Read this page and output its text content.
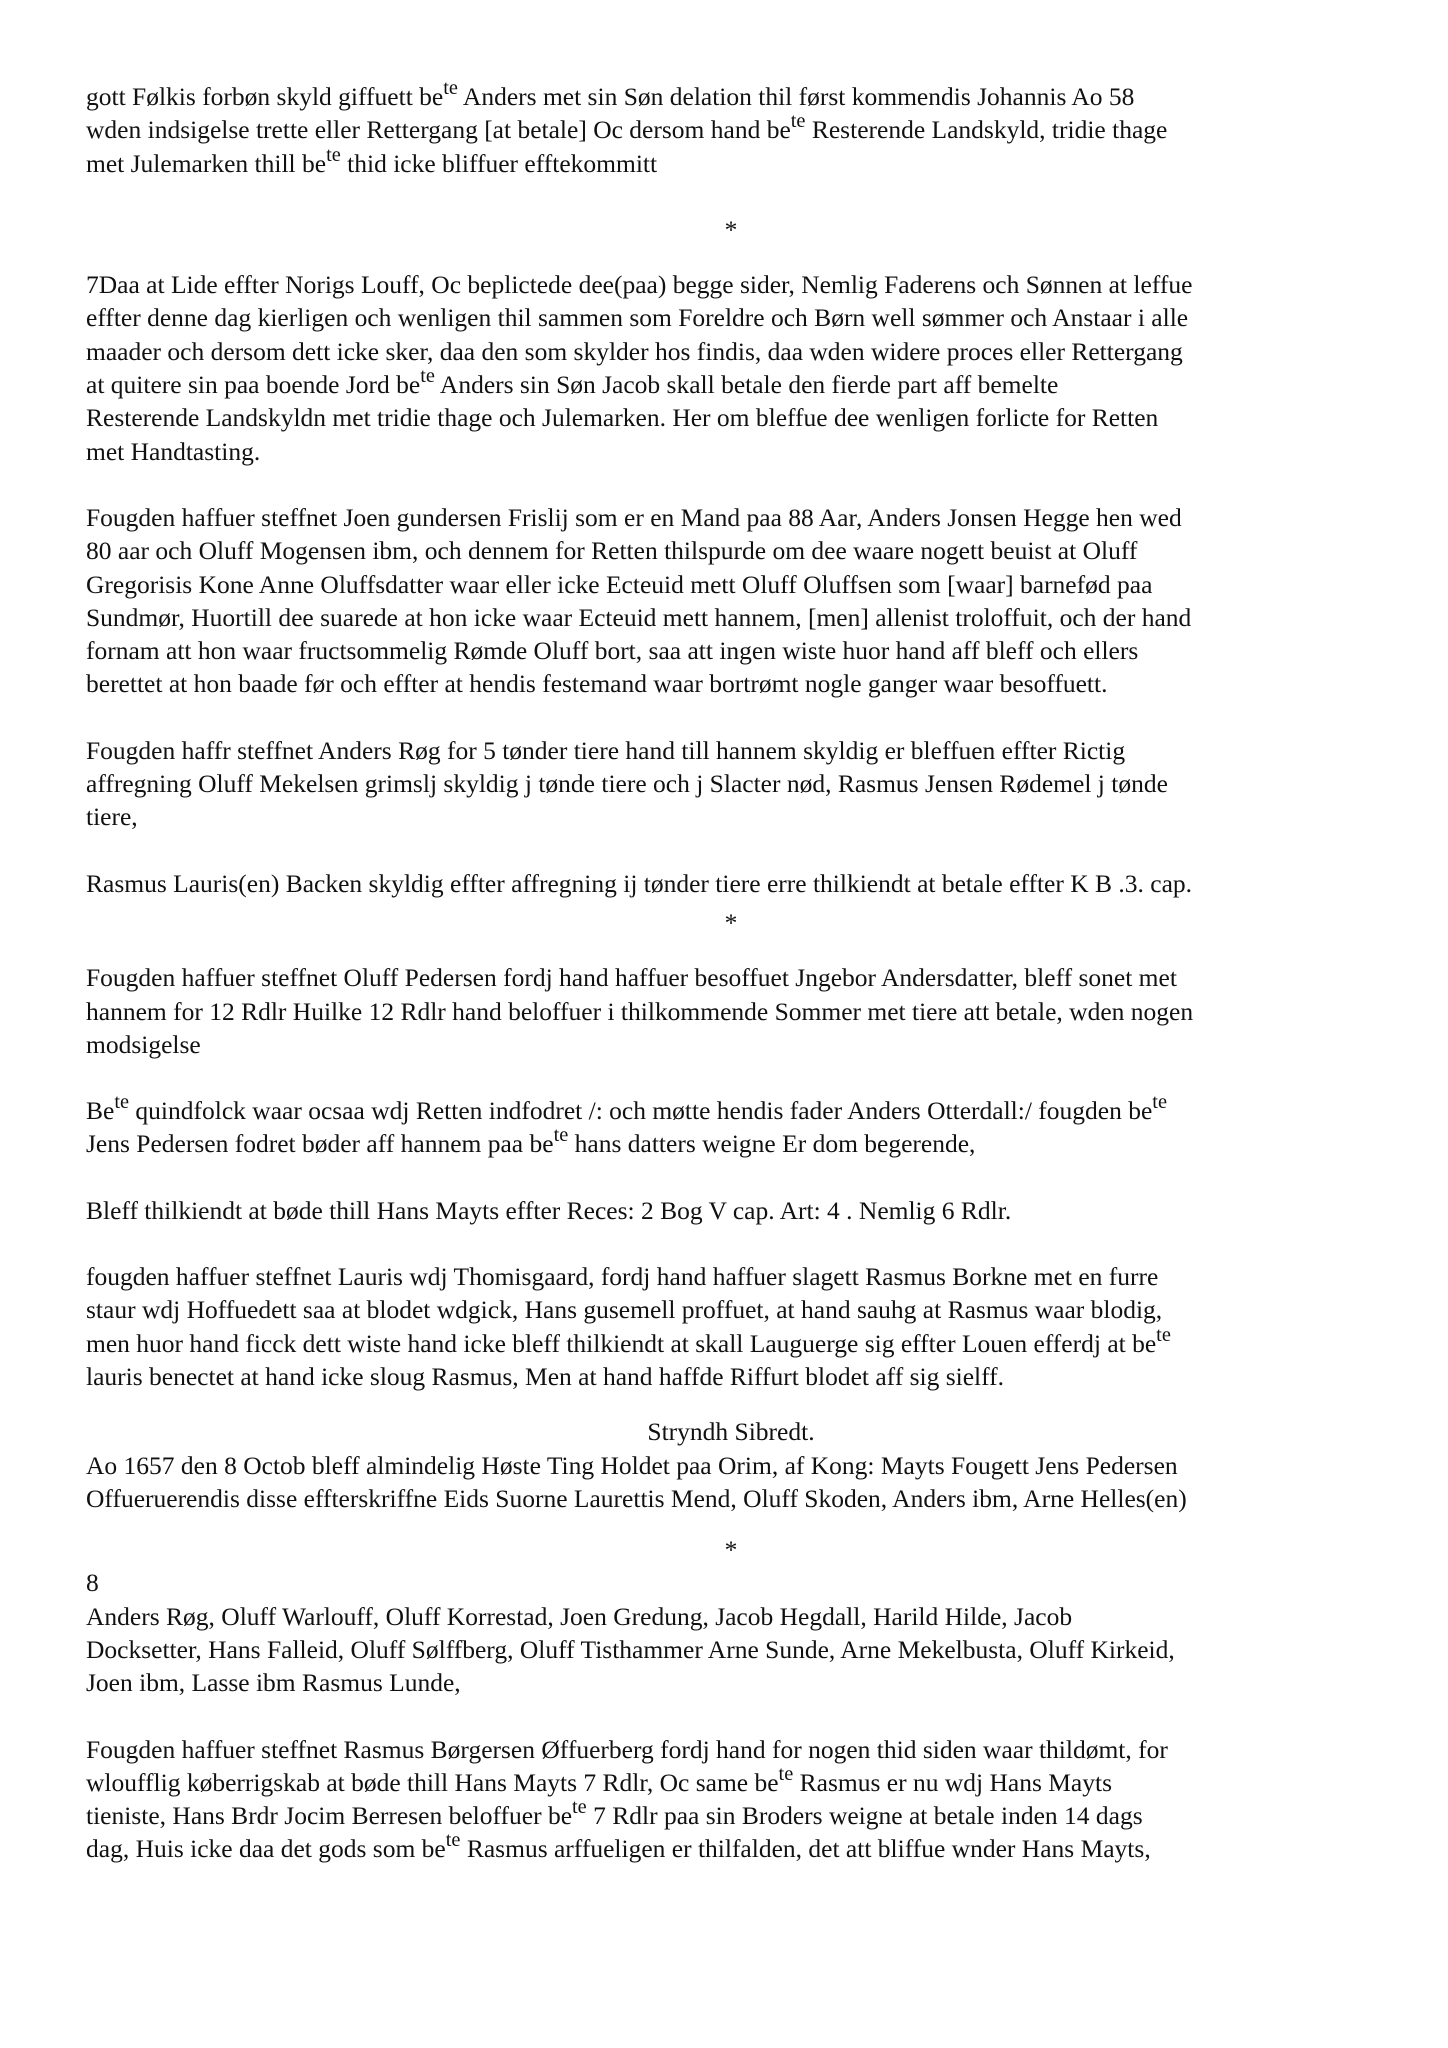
gott Følkis forbøn skyld giffuett $be^{te}$ Anders met sin Søn delation thil først kommendis Johannis Ao 58
wden indsigelse trette eller Rettergang [at betale] Oc dersom hand $be^{te}$ Resterende Landskyld, tridie thage
met Julemarken thill $be^{te}$ thid icke bliffuer efftekommitt
*
7Daa at Lide effter Norigs Louff, Oc beplictede dee(paa) begge sider, Nemlig Faderens och Sønnen at leffue
effter denne dag kierligen och wenligen thil sammen som Foreldre och Børn well sømmer och Anstaar i alle
maader och dersom dett icke sker, daa den som skylder hos findis, daa wden widere proces eller Rettergang
at quitere sin paa boende Jord $be^{te}$ Anders sin Søn Jacob skall betale den fierde part aff bemelte
Resterende Landskyldn met tridie thage och Julemarken. Her om bleffue dee wenligen forlicte for Retten
met Handtasting.
Fougden haffuer steffnet Joen gundersen Frislij som er en Mand paa 88 Aar, Anders Jonsen Hegge hen wed
80 aar och Oluff Mogensen ibm, och dennem for Retten thilspurde om dee waare nogett beuist at Oluff
Gregorisis Kone Anne Oluffsdatter waar eller icke Ecteuid mett Oluff Oluffsen som [waar] barnefød paa
Sundmør, Huortill dee suarede at hon icke waar Ecteuid mett hannem, [men] allenist troloffuit, och der hand
fornam att hon waar fructsommelig Rømde Oluff bort, saa att ingen wiste huor hand aff bleff och ellers
berettet at hon baade før och effter at hendis festemand waar bortrømt nogle ganger waar besoffuett.
Fougden haffr steffnet Anders Røg for 5 tønder tiere hand till hannem skyldig er bleffuen effter Rictig
affregning Oluff Mekelsen grimslj skyldig j tønde tiere och j Slacter nød, Rasmus Jensen Rødemel j tønde
tiere,
Rasmus Lauris(en) Backen skyldig effter affregning ij tønder tiere erre thilkiendt at betale effter K B .3. cap.
*
Fougden haffuer steffnet Oluff Pedersen fordj hand haffuer besoffuet Jngebor Andersdatter, bleff sonet met
hannem for 12 Rdlr Huilke 12 Rdlr hand beloffuer i thilkommende Sommer met tiere att betale, wden nogen
modsigelse
$Be^{te}$ quindfolck waar ocsaa wdj Retten indfodret /: och møtte hendis fader Anders Otterdall:/ fougden $be^{te}$
Jens Pedersen fodret bøder aff hannem paa $be^{te}$ hans datters weigne Er dom begerende,
Bleff thilkiendt at bøde thill Hans Mayts effter Reces: 2 Bog V cap. Art: 4 . Nemlig 6 Rdlr.
fougden haffuer steffnet Lauris wdj Thomisgaard, fordj hand haffuer slagett Rasmus Borkne met en furre
staur wdj Hoffuedett saa at blodet wdgick, Hans gusemell proffuet, at hand sauhg at Rasmus waar blodig,
men huor hand ficck dett wiste hand icke bleff thilkiendt at skall Lauguerge sig effter Louen efferdj at $be^{te}$
lauris benectet at hand icke sloug Rasmus, Men at hand haffde Riffurt blodet aff sig sielff.
Stryndh Sibredt.
Ao 1657 den 8 Octob bleff almindelig Høste Ting Holdet paa Orim, af Kong: Mayts Fougett Jens Pedersen
Offueruerendis disse effterskriffne Eids Suorne Laurettis Mend, Oluff Skoden, Anders ibm, Arne Helles(en)
*
8
Anders Røg, Oluff Warlouff, Oluff Korrestad, Joen Gredung, Jacob Hegdall, Harild Hilde, Jacob
Docksetter, Hans Falleid, Oluff Sølffberg, Oluff Tisthammer Arne Sunde, Arne Mekelbusta, Oluff Kirkeid,
Joen ibm, Lasse ibm Rasmus Lunde,
Fougden haffuer steffnet Rasmus Børgersen Øffuerberg fordj hand for nogen thid siden waar thildømt, for
wloufflig køberrigskab at bøde thill Hans Mayts 7 Rdlr, Oc same $be^{te}$ Rasmus er nu wdj Hans Mayts
tieniste, Hans Brdr Jocim Berresen beloffuer $be^{te}$ 7 Rdlr paa sin Broders weigne at betale inden 14 dags
dag, Huis icke daa det gods som $be^{te}$ Rasmus arffueligen er thilfalden, det att bliffue wnder Hans Mayts,
